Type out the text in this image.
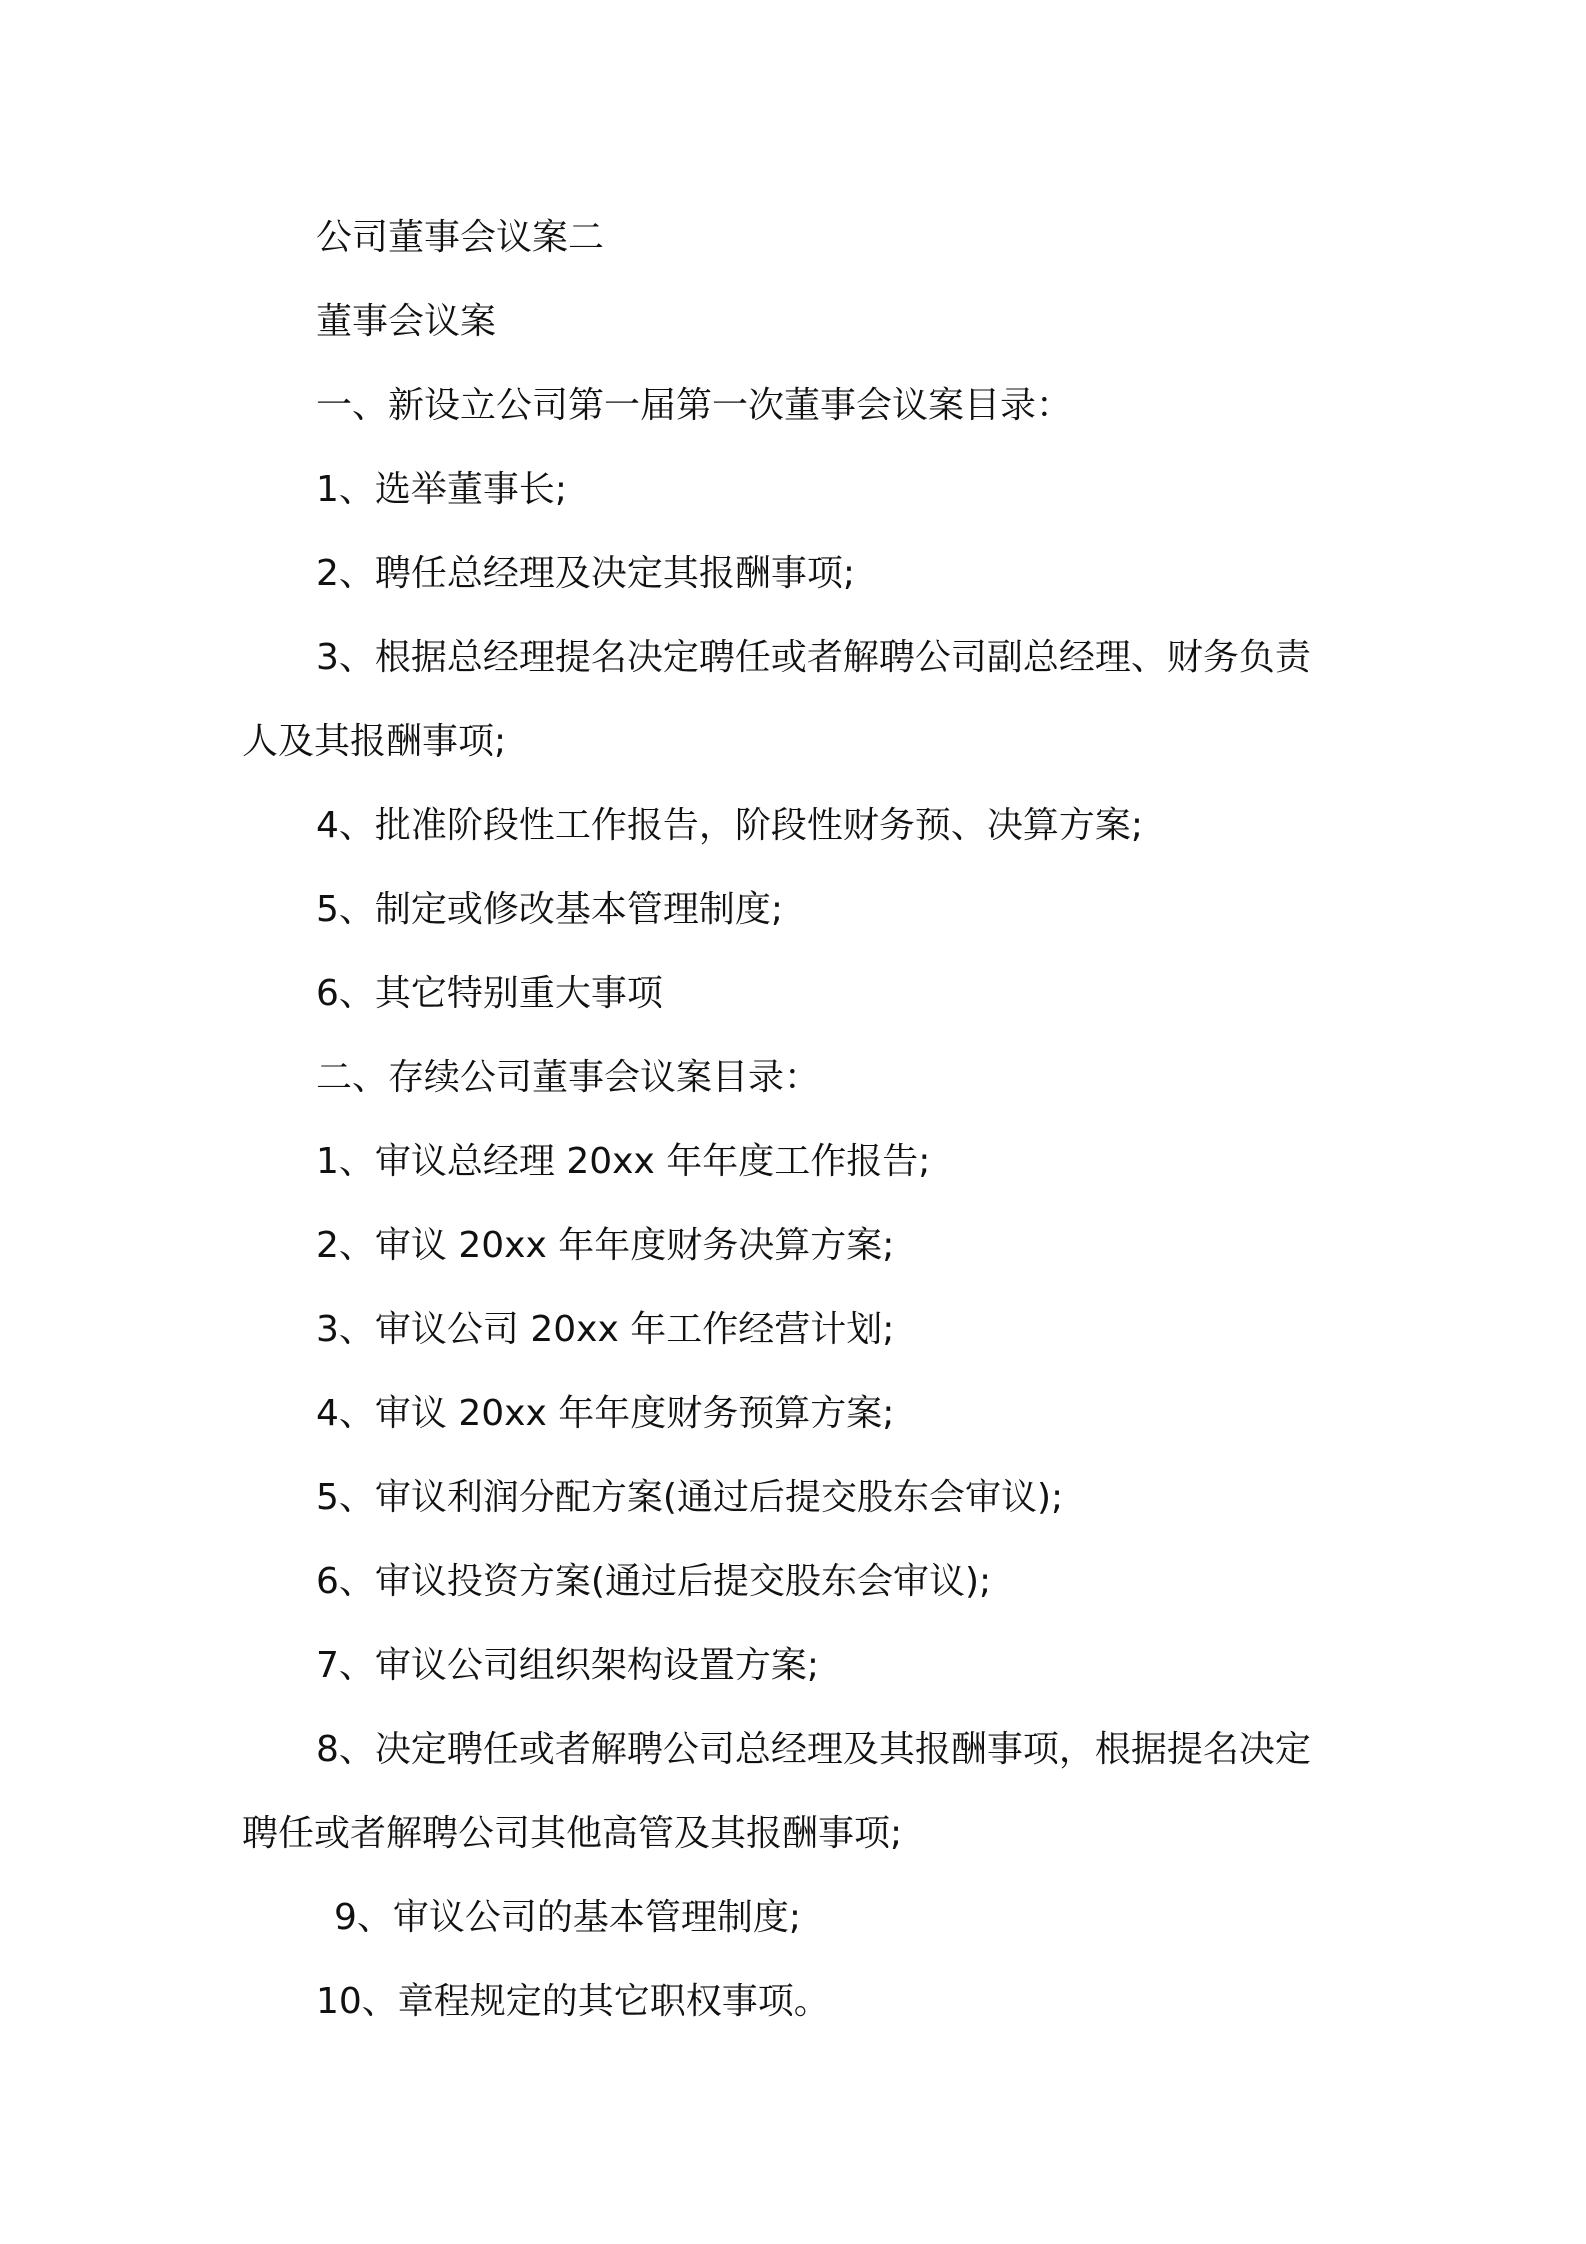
公司董事会议案二
董事会议案
一、新设立公司第一届第一次董事会议案目录：
1、选举董事长;
2、聘任总经理及决定其报酬事项;
3、根据总经理提名决定聘任或者解聘公司副总经理、财务负责
人及其报酬事项;
4、批准阶段性工作报告，阶段性财务预、决算方案;
5、制定或修改基本管理制度;
6、其它特别重大事项
二、存续公司董事会议案目录：
1、审议总经理 20xx 年年度工作报告;
2、审议 20xx 年年度财务决算方案;
3、审议公司 20xx 年工作经营计划;
4、审议 20xx 年年度财务预算方案;
5、审议利润分配方案(通过后提交股东会审议);
6、审议投资方案(通过后提交股东会审议);
7、审议公司组织架构设置方案;
8、决定聘任或者解聘公司总经理及其报酬事项，根据提名决定
聘任或者解聘公司其他高管及其报酬事项;
9、审议公司的基本管理制度;
10、章程规定的其它职权事项。
